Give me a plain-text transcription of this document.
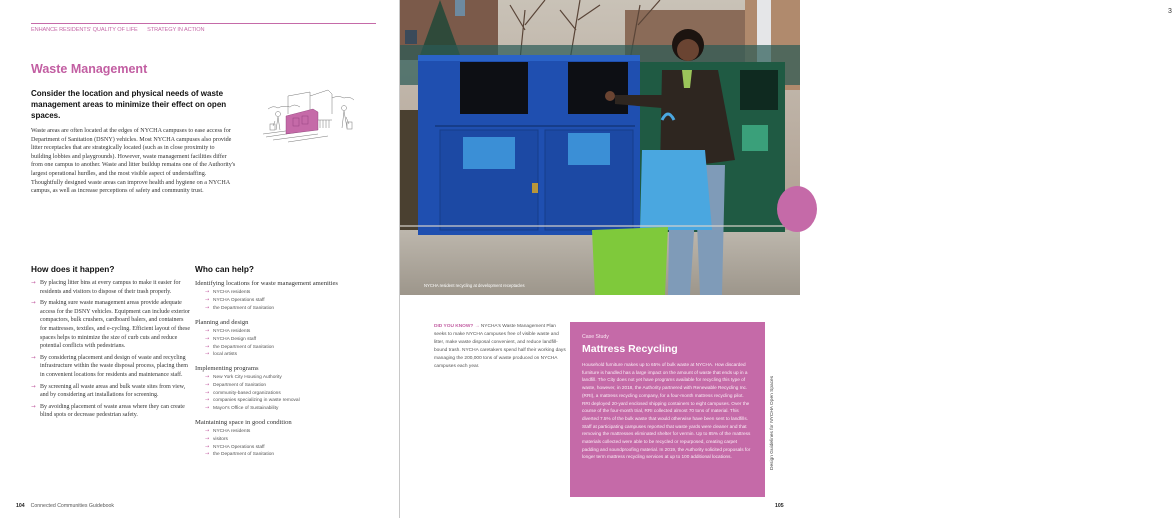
ENHANCE RESIDENTS' QUALITY OF LIFE STRATEGY IN ACTION
Waste Management

Consider the location and physical needs of waste management areas to minimize their effect on open spaces.

Waste areas are often located at the edges of NYCHA campuses to ease access for Department of Sanitation (DSNY) vehicles. Most NYCHA campuses also provide litter receptacles that are strategically located (such as in close proximity to building lobbies and playgrounds). However, waste management facilities differ from one campus to another. Waste and litter buildup remains one of the Authority's largest operational hurdles, and the most visible aspect of understaffing. Thoughtfully designed waste areas can improve health and hygiene on a NYCHA campus, as well as increase perceptions of safety and community trust.

How does it happen?
→ By placing litter bins at every campus to make it easier for residents and visitors to dispose of their trash properly.
→ By making sure waste management areas provide adequate access for the DSNY vehicles. Equipment can include exterior compactors, bulk crushers, cardboard balers, and containers for mattresses, textiles, and e-cycling. Efficient layout of these spaces helps to minimize the size of curb cuts and reduce potential conflicts with pedestrians.
→ By considering placement and design of waste and recycling infrastructure within the waste disposal process, placing them in convenient locations for residents and maintenance staff.
→ By screening all waste areas and bulk waste sites from view, and by considering art installations for screening.
→ By avoiding placement of waste areas where they can create blind spots or decrease pedestrian safety.
Who can help?
Identifying locations for waste management amenities
→ NYCHA residents
→ NYCHA Operations staff
→ the Department of Sanitation
Planning and design
→ NYCHA residents
→ NYCHA Design staff
→ the Department of Sanitation
→ local artists
Implementing programs
→ New York City Housing Authority
→ Department of Sanitation
→ community-based organizations
→ companies specializing in waste removal
→ Mayor's Office of Sustainability
Maintaining space in good condition
→ NYCHA residents
→ visitors
→ NYCHA Operations staff
→ the Department of Sanitation
104 Connected Communities Guidebook
3
NYCHA resident recycling at development receptacles
DID YOU KNOW? → NYCHA's Waste Management Plan seeks to make NYCHA campuses free of visible waste and litter, make waste disposal convenient, and reduce landfill-bound trash. NYCHA caretakers spend half their working days managing the 200,000 tons of waste produced on NYCHA campuses each year.
Case Study
Mattress Recycling

Household furniture makes up to 65% of bulk waste at NYCHA. How discarded furniture is handled has a large impact on the amount of waste that ends up in a landfill. The City does not yet have programs available for recycling this type of waste, however, in 2018, the Authority partnered with Renewable Recycling Inc. (RRI), a mattress recycling company, for a four-month mattress recycling pilot. RRI deployed 20-yard enclosed shipping containers to eight campuses. Over the course of the four-month trial, RRI collected almost 70 tons of material. This diverted 7.5% of the bulk waste that would otherwise have been sent to landfills. Staff at participating campuses reported that waste yards were cleaner and that removing the mattresses eliminated shelter for vermin. Up to 85% of the mattress materials collected were able to be recycled or repurposed, creating carpet padding and soundproofing material. In 2019, the Authority solicited proposals for longer term mattress recycling services at up to 100 additional locations.	Design Guidelines for NYCHA Open Spaces
105
